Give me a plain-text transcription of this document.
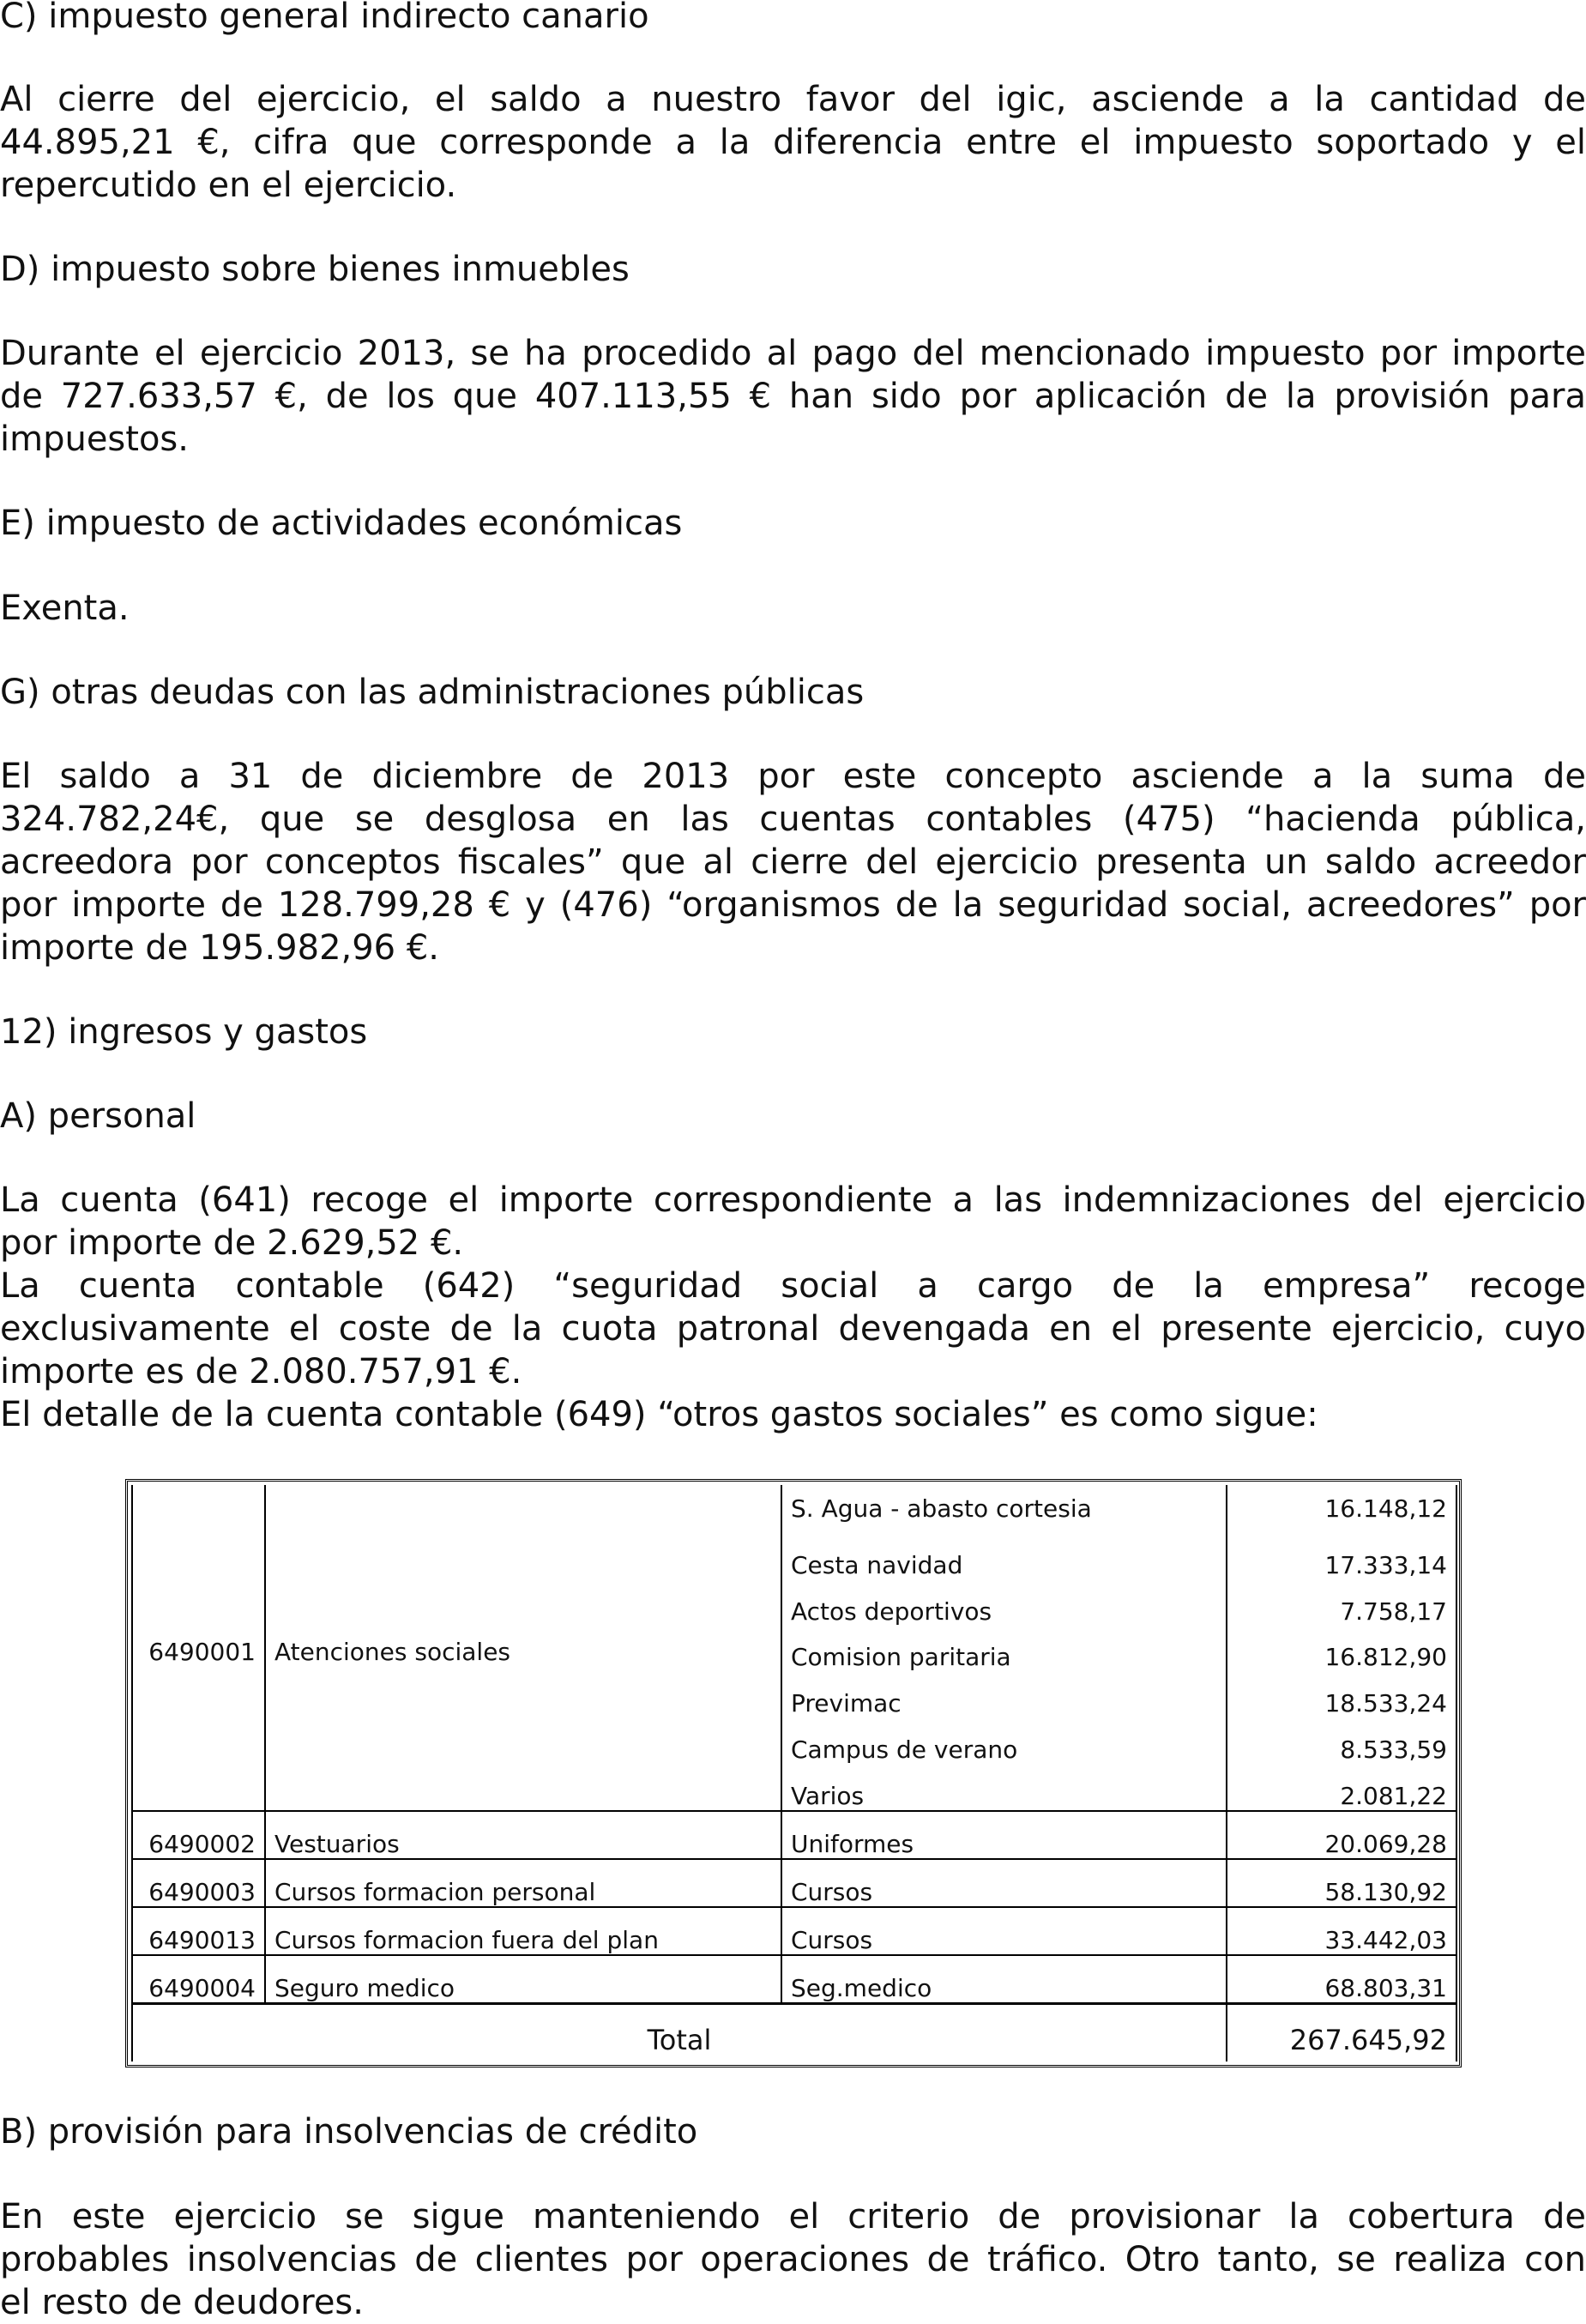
C) impuesto general indirecto canario

Al cierre del ejercicio, el saldo a nuestro favor del igic, asciende a la cantidad de

44.895,21 €, cifra que corresponde a la diferencia entre el impuesto soportado y el

repercutido en el ejercicio.

D) impuesto sobre bienes inmuebles

Durante el ejercicio 2013, se ha procedido al pago del mencionado impuesto por importe

de 727.633,57 €, de los que 407.113,55 € han sido por aplicación de la provisión para

impuestos.

E) impuesto de actividades económicas

Exenta.

G) otras deudas con las administraciones públicas

El saldo a 31 de diciembre de 2013 por este concepto asciende a la suma de

324.782,24€, que se desglosa en las cuentas contables (475) “hacienda pública,

acreedora por conceptos fiscales” que al cierre del ejercicio presenta un saldo acreedor

por importe de 128.799,28 € y (476) “organismos de la seguridad social, acreedores” por

importe de 195.982,96 €.

12) ingresos y gastos

A) personal

La cuenta (641) recoge el importe correspondiente a las indemnizaciones del ejercicio

por importe de 2.629,52 €.

La cuenta contable (642) “seguridad social a cargo de la empresa” recoge

exclusivamente el coste de la cuota patronal devengada en el presente ejercicio, cuyo

importe es de 2.080.757,91 €.

El detalle de la cuenta contable (649) “otros gastos sociales” es como sigue:

6490001	Atenciones sociales	S. Agua - abasto cortesia	16.148,12
		Cesta navidad	17.333,14
		Actos deportivos	7.758,17
		Comision paritaria	16.812,90
		Previmac	18.533,24
		Campus de verano	8.533,59
		Varios	2.081,22
6490002	Vestuarios	Uniformes	20.069,28
6490003	Cursos formacion personal	Cursos	58.130,92
6490013	Cursos formacion fuera del plan	Cursos	33.442,03
6490004	Seguro medico	Seg.medico	68.803,31
Total			267.645,92

B) provisión para insolvencias de crédito

En este ejercicio se sigue manteniendo el criterio de provisionar la cobertura de

probables insolvencias de clientes por operaciones de tráfico. Otro tanto, se realiza con

el resto de deudores.
